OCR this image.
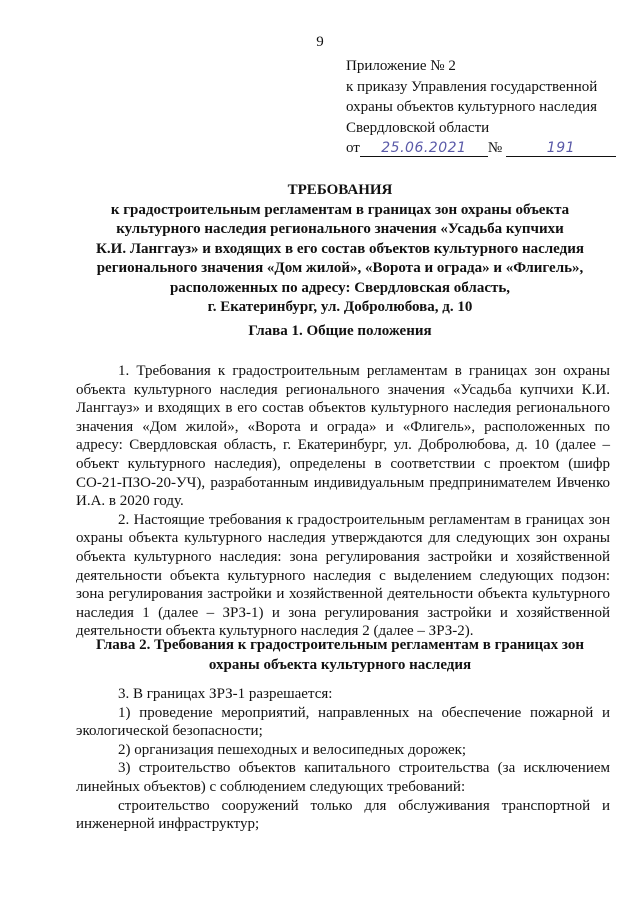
9
Приложение № 2
к приказу Управления государственной
охраны объектов культурного наследия
Свердловской области
от 25.06.2021 №	191
ТРЕБОВАНИЯ
к градостроительным регламентам в границах зон охраны объекта
культурного наследия регионального значения «Усадьба купчихи
К.И. Ланггауз» и входящих в его состав объектов культурного наследия
регионального значения «Дом жилой», «Ворота и ограда» и «Флигель»,
расположенных по адресу: Свердловская область,
г. Екатеринбург, ул. Добролюбова, д. 10
Глава 1. Общие положения

1. Требования к градостроительным регламентам в границах зон охраны объекта культурного наследия регионального значения «Усадьба купчихи К.И. Ланггауз» и входящих в его состав объектов культурного наследия регионального значения «Дом жилой», «Ворота и ограда» и «Флигель», расположенных по адресу: Свердловская область, г. Екатеринбург, ул. Добролюбова, д. 10 (далее – объект культурного наследия), определены в соответствии с проектом (шифр СО-21-ПЗО-20-УЧ), разработанным индивидуальным предпринимателем Ивченко И.А. в 2020 году.

2. Настоящие требования к градостроительным регламентам в границах зон охраны объекта культурного наследия утверждаются для следующих зон охраны объекта культурного наследия: зона регулирования застройки и хозяйственной деятельности объекта культурного наследия с выделением следующих подзон: зона регулирования застройки и хозяйственной деятельности объекта культурного наследия 1 (далее – ЗРЗ-1) и зона регулирования застройки и хозяйственной деятельности объекта культурного наследия 2 (далее – ЗРЗ-2).

Глава 2. Требования к градостроительным регламентам в границах зон
охраны объекта культурного наследия

3. В границах ЗРЗ-1 разрешается:

1) проведение мероприятий, направленных на обеспечение пожарной и экологической безопасности;

2) организация пешеходных и велосипедных дорожек;

3) строительство объектов капитального строительства (за исключением линейных объектов) с соблюдением следующих требований:

строительство сооружений только для обслуживания транспортной и инженерной инфраструктур;
